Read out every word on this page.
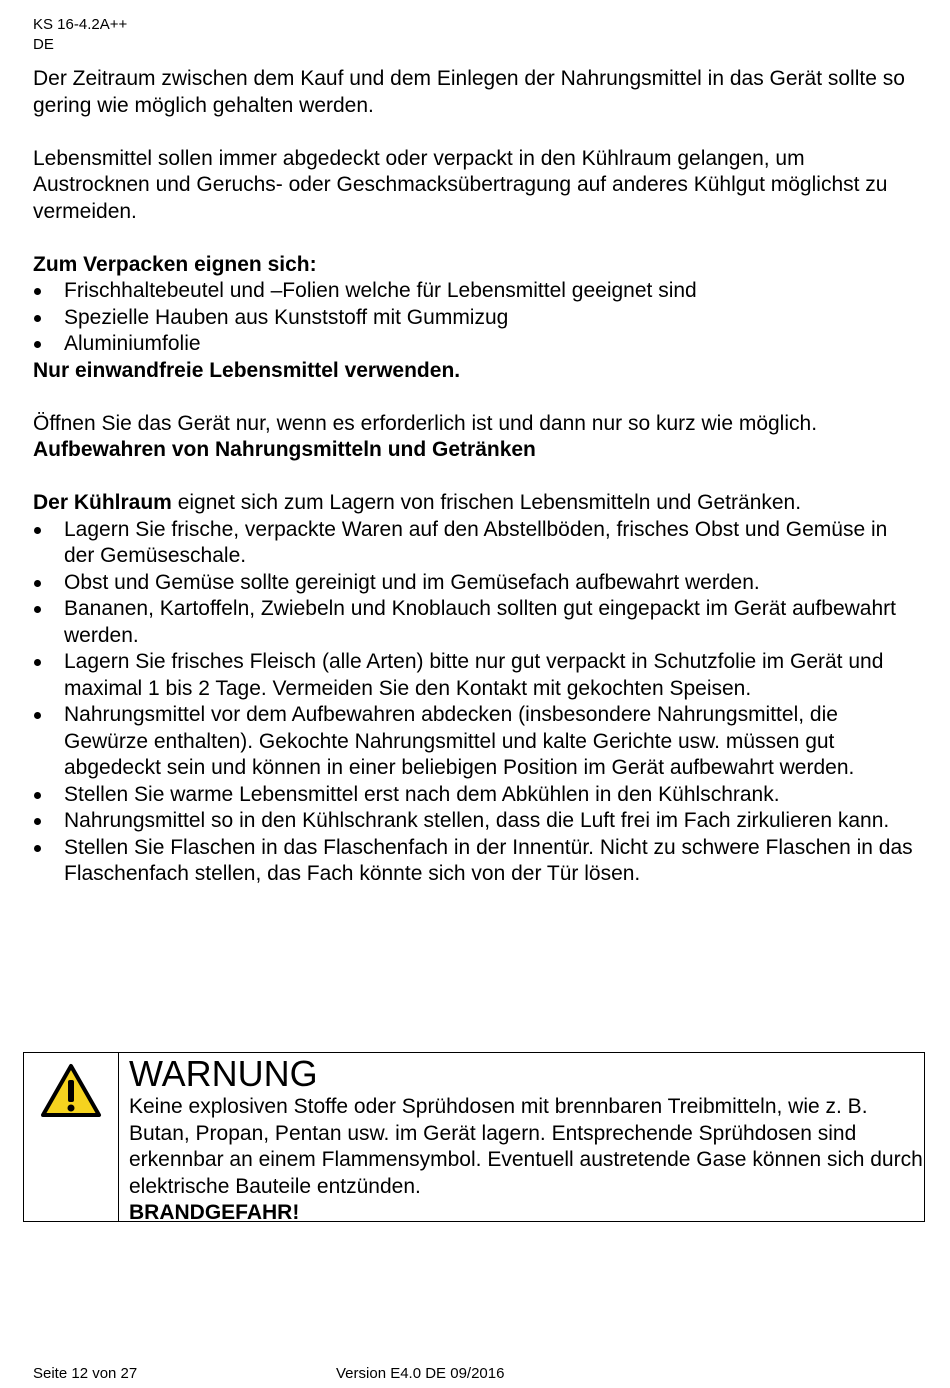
KS 16-4.2A++
DE

Der Zeitraum zwischen dem Kauf und dem Einlegen der Nahrungsmittel in das Gerät sollte so gering wie möglich gehalten werden.

Lebensmittel sollen immer abgedeckt oder verpackt in den Kühlraum gelangen, um Austrocknen und Geruchs- oder Geschmacksübertragung auf anderes Kühlgut möglichst zu vermeiden.

Zum Verpacken eignen sich:

Frischhaltebeutel und –Folien welche für Lebensmittel geeignet sind
Spezielle Hauben aus Kunststoff mit Gummizug
Aluminiumfolie

Nur einwandfreie Lebensmittel verwenden.

Öffnen Sie das Gerät nur, wenn es erforderlich ist und dann nur so kurz wie möglich.

Aufbewahren von Nahrungsmitteln und Getränken

Der Kühlraum eignet sich zum Lagern von frischen Lebensmitteln und Getränken.

Lagern Sie frische, verpackte Waren auf den Abstellböden, frisches Obst und Gemüse in der Gemüseschale.
Obst und Gemüse sollte gereinigt und im Gemüsefach aufbewahrt werden.
Bananen, Kartoffeln, Zwiebeln und Knoblauch sollten gut eingepackt im Gerät aufbewahrt werden.
Lagern Sie frisches Fleisch (alle Arten) bitte nur gut verpackt in Schutzfolie im Gerät und maximal 1 bis 2 Tage. Vermeiden Sie den Kontakt mit gekochten Speisen.
Nahrungsmittel vor dem Aufbewahren abdecken (insbesondere Nahrungsmittel, die Gewürze enthalten). Gekochte Nahrungsmittel und kalte Gerichte usw. müssen gut abgedeckt sein und können in einer beliebigen Position im Gerät aufbewahrt werden.
Stellen Sie warme Lebensmittel erst nach dem Abkühlen in den Kühlschrank.
Nahrungsmittel so in den Kühlschrank stellen, dass die Luft frei im Fach zirkulieren kann.
Stellen Sie Flaschen in das Flaschenfach in der Innentür. Nicht zu schwere Flaschen in das Flaschenfach stellen, das Fach könnte sich von der Tür lösen.
WARNUNG
Keine explosiven Stoffe oder Sprühdosen mit brennbaren Treibmitteln, wie z. B. Butan, Propan, Pentan usw. im Gerät lagern. Entsprechende Sprühdosen sind erkennbar an einem Flammensymbol. Eventuell austretende Gase können sich durch elektrische Bauteile entzünden.
BRANDGEFAHR!
Seite 12 von 27	Version E4.0 DE 09/2016
